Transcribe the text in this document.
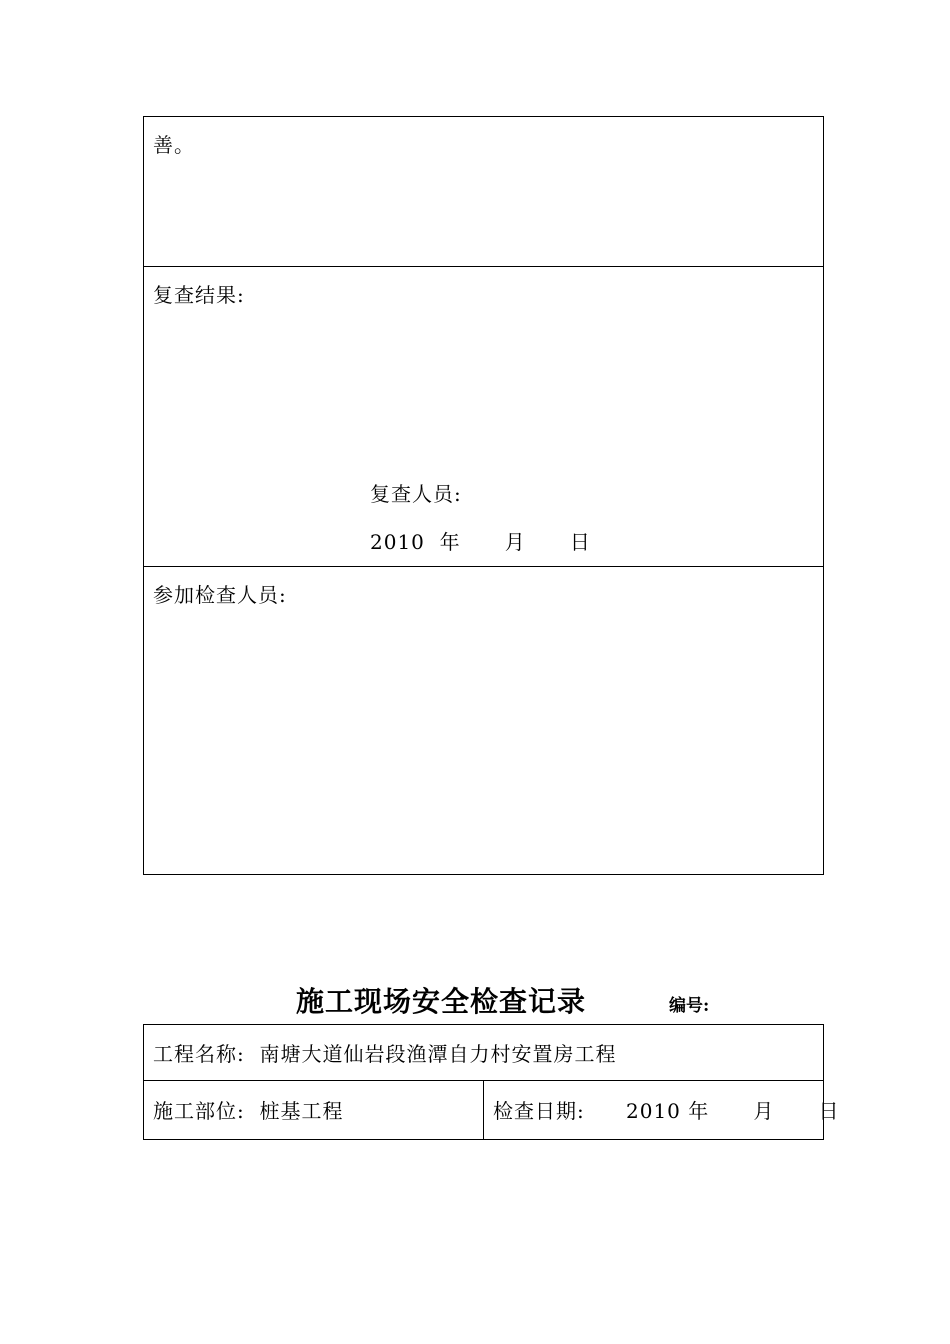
善。
复查结果:
复查人员:
2010  年      月      日
参加检查人员:
施工现场安全检查记录	编号:
工程名称:  南塘大道仙岩段渔潭自力村安置房工程
施工部位:  桩基工程	检查日期: 2010 年      月      日
